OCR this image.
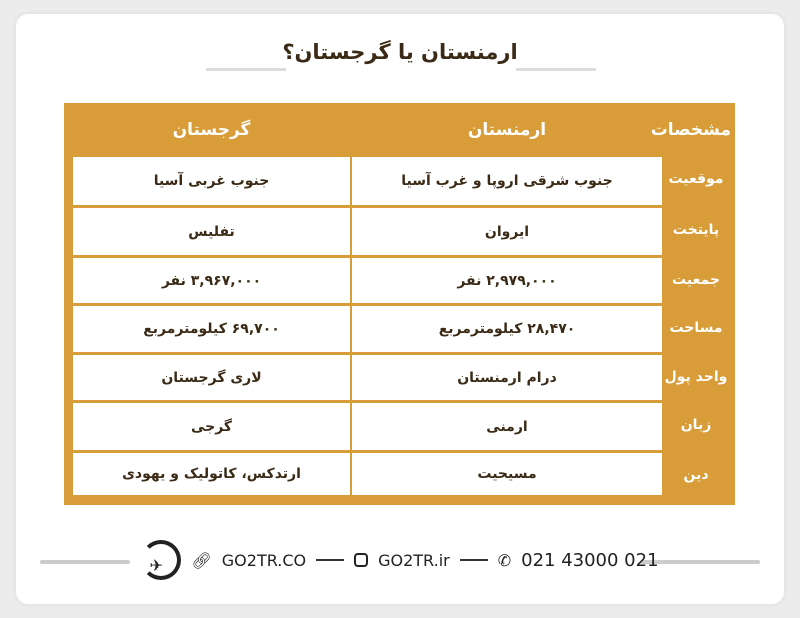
ارمنستان یا گرجستان؟
مشخصات
ارمنستان
گرجستان
موقعیت
جنوب شرقی اروپا و غرب آسیا
جنوب غربی آسیا
پایتخت
ایروان
تفلیس
جمعیت
۲,۹۷۹,۰۰۰ نفر
۳,۹۶۷,۰۰۰ نفر
مساحت
۲۸,۴۷۰ کیلومترمربع
۶۹,۷۰۰ کیلومترمربع
واحد پول
درام ارمنستان
لاری گرجستان
زبان
ارمنی
گرجی
دین
مسیحیت
ارتدکس، کاتولیک و یهودی
✈ 🔗︎ GO2TR.CO	GO2TR.ir	✆ 021 43000 021
